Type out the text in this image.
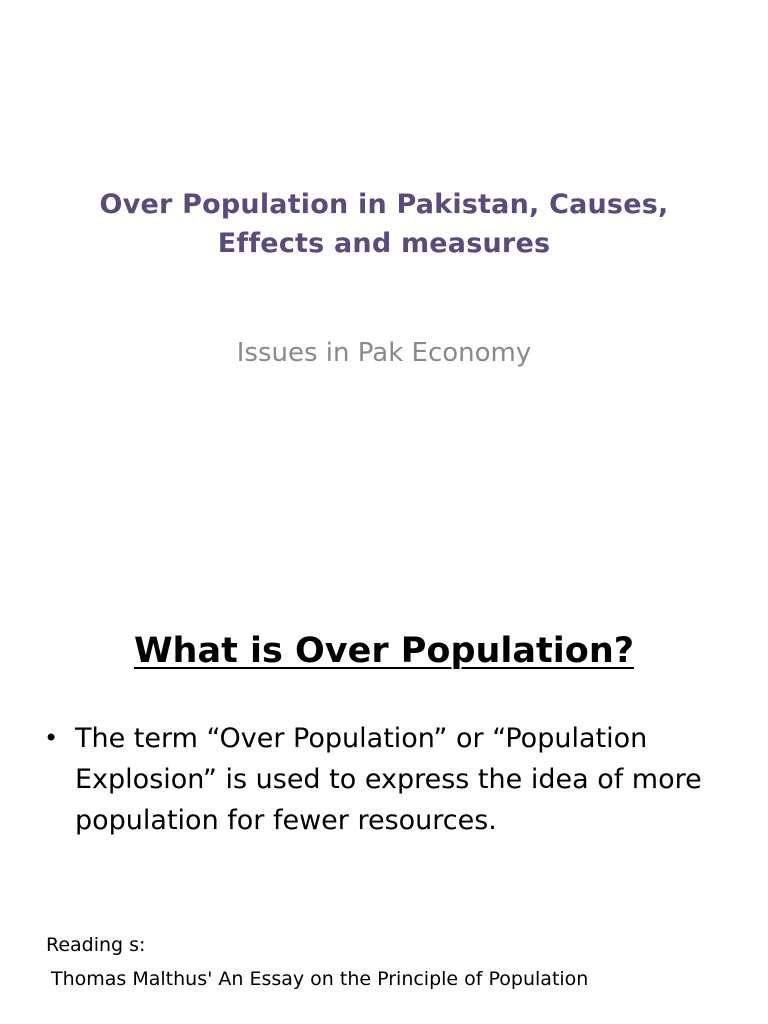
Over Population in Pakistan, Causes,
Effects and measures

Issues in Pak Economy

What is Over Population?
• The term “Over Population” or “Population
Explosion” is used to express the idea of more
population for fewer resources.
Reading s:
Thomas Malthus' An Essay on the Principle of Population
